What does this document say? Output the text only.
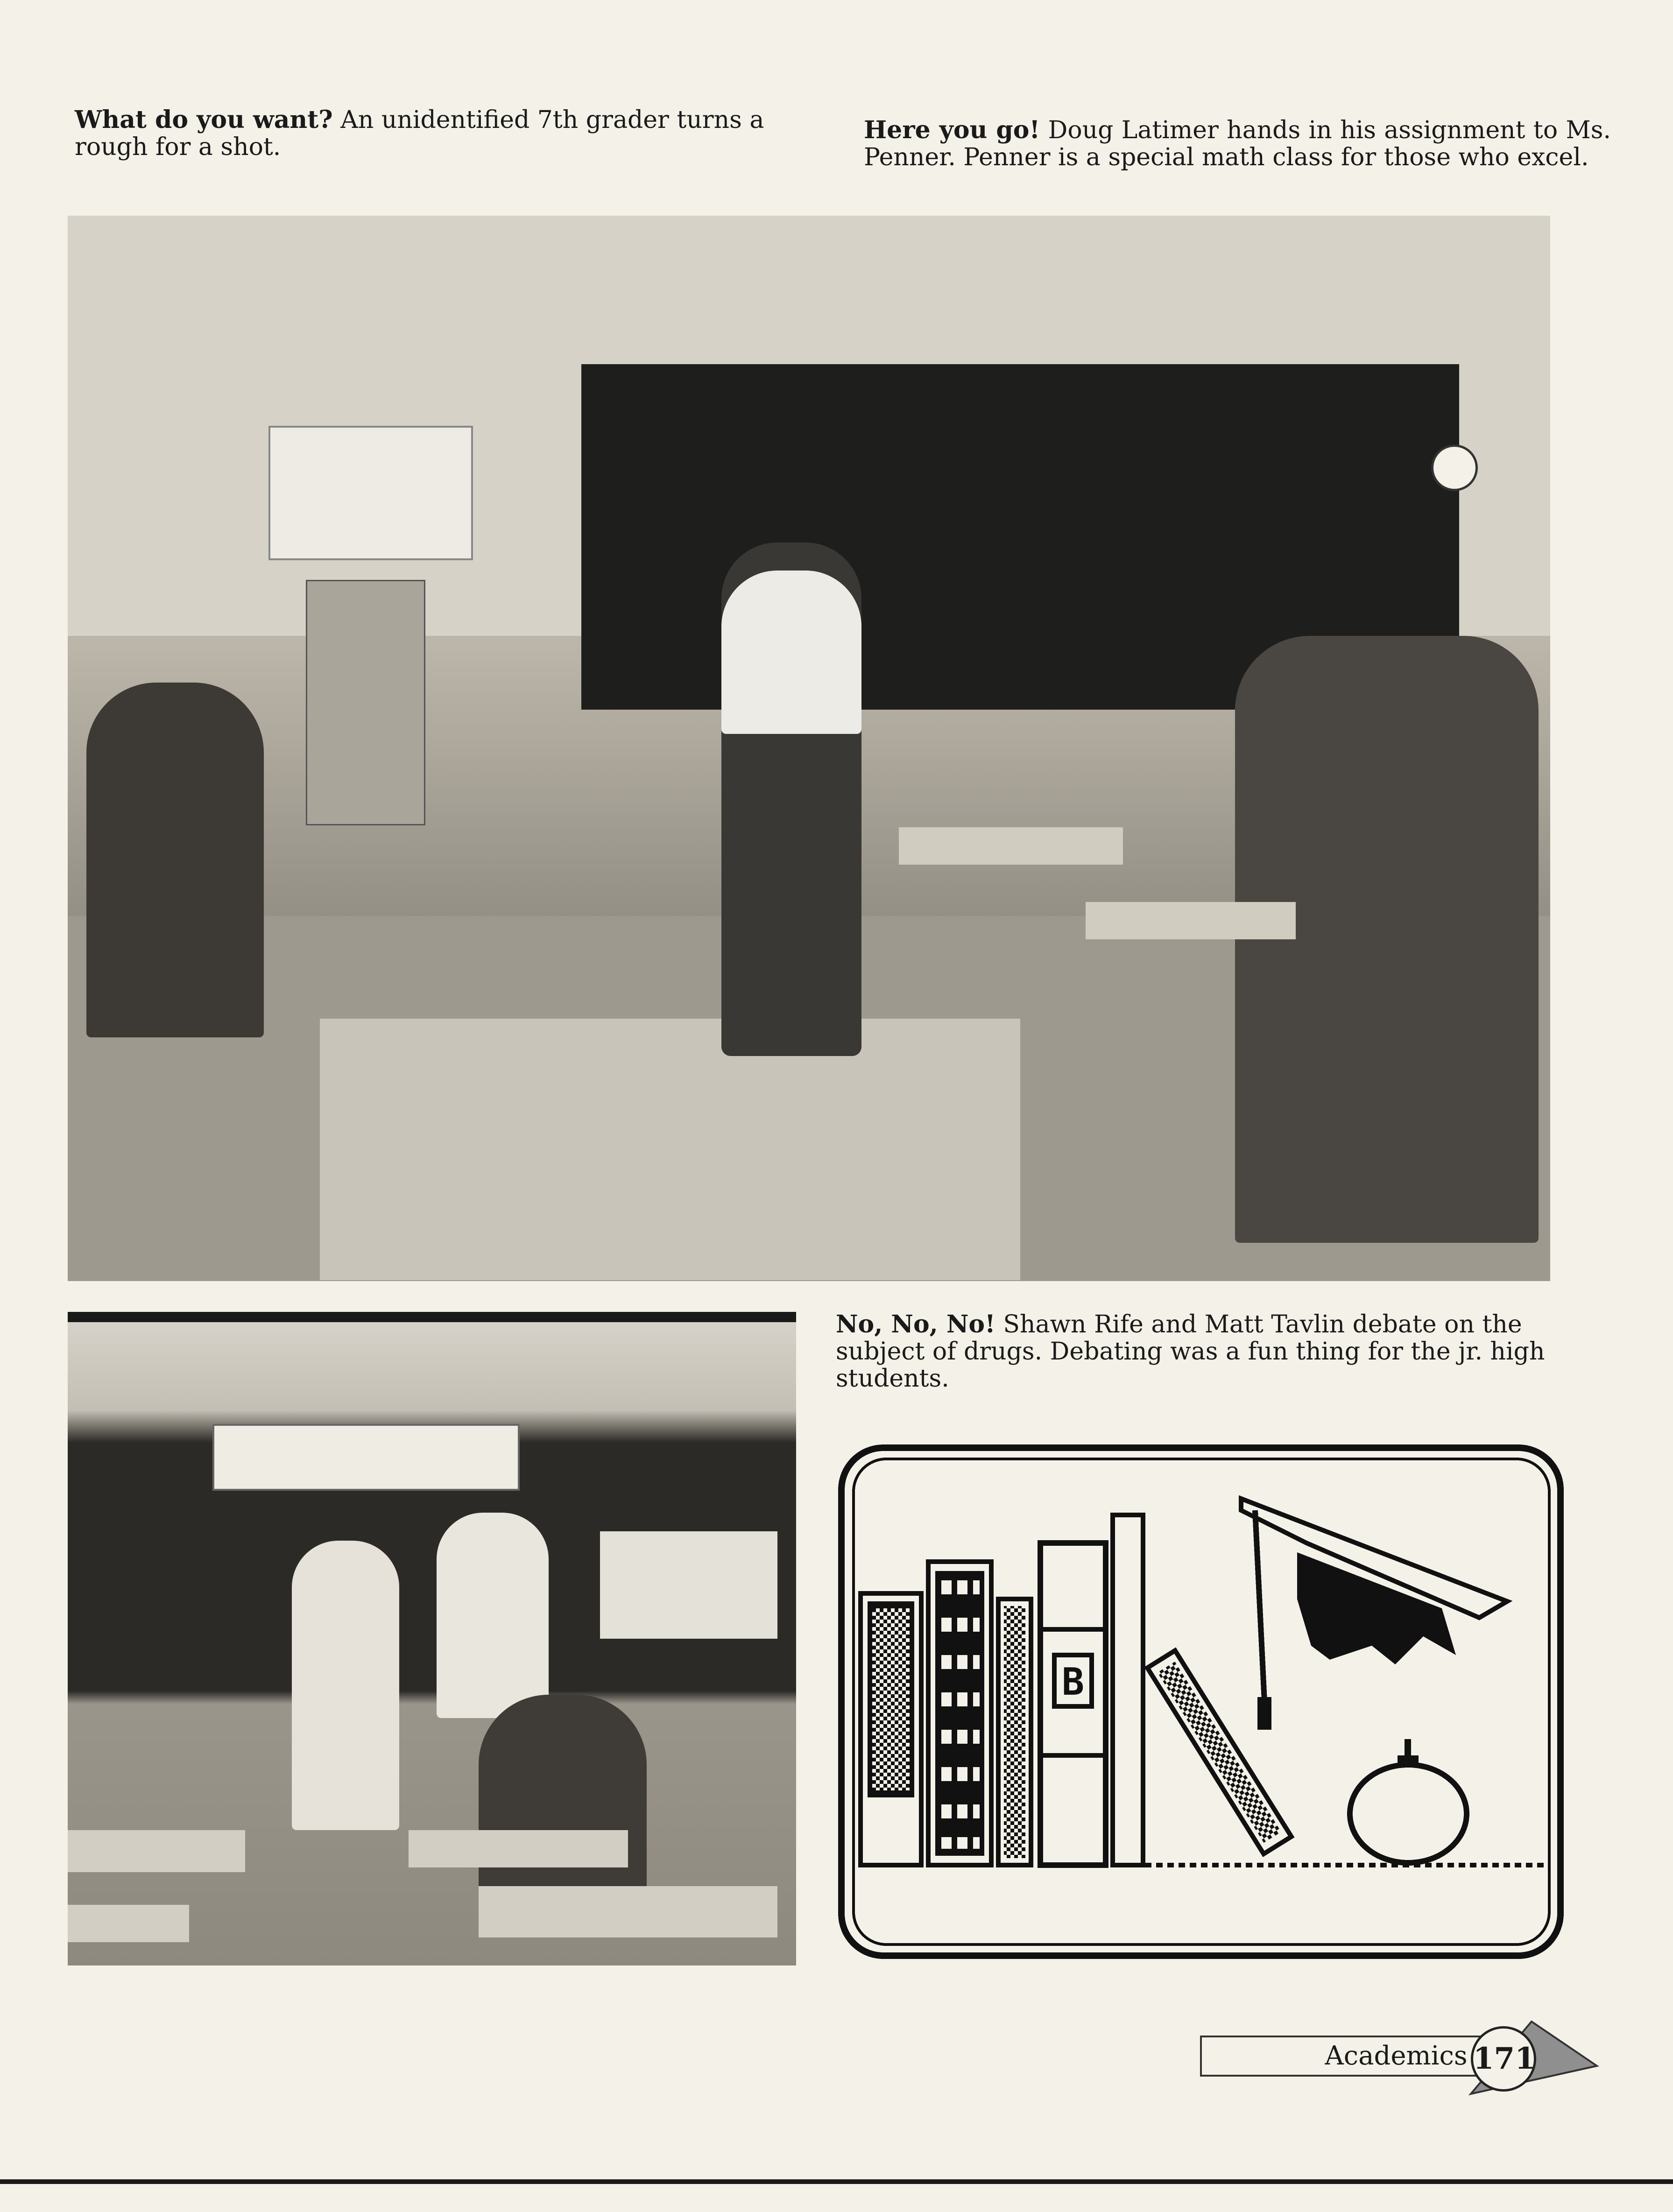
What do you want? An unidentified 7th grader turns a rough for a shot.
Here you go! Doug Latimer hands in his assignment to Ms. Penner. Penner is a special math class for those who excel.
No, No, No! Shawn Rife and Matt Tavlin debate on the subject of drugs. Debating was a fun thing for the jr. high students.
B
Academics 171
